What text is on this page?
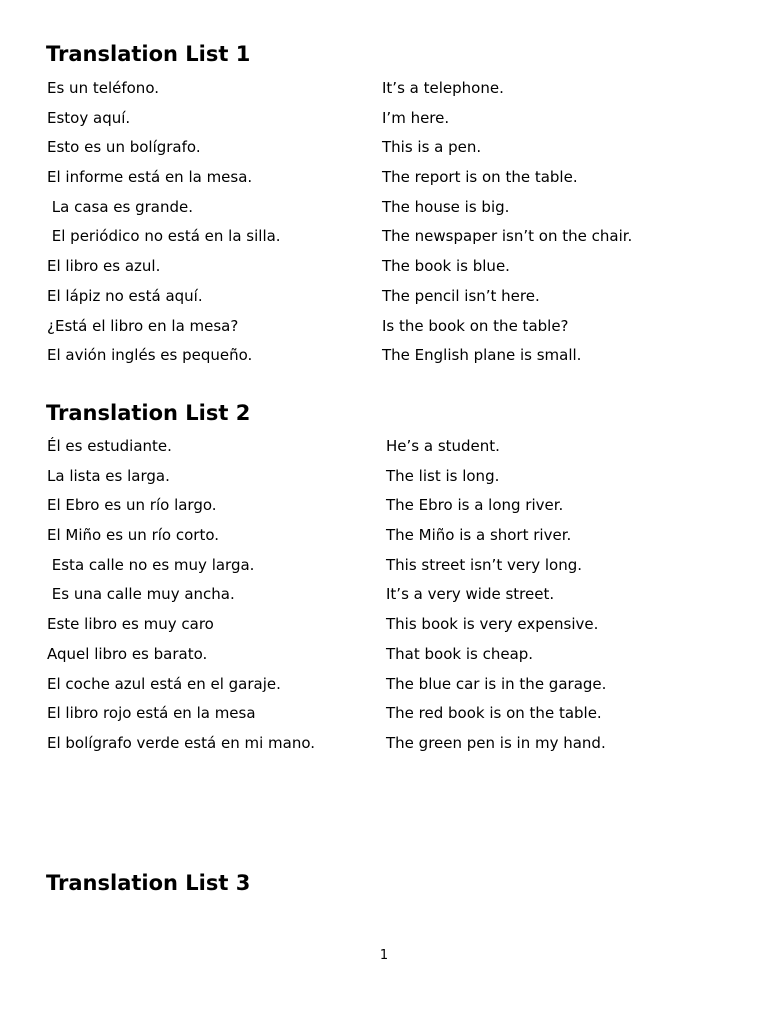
Translation List 1
Es un teléfono.	It’s a telephone.
Estoy aquí.	I’m here.
Esto es un bolígrafo.	This is a pen.
El informe está en la mesa.	The report is on the table.
La casa es grande.	The house is big.
El periódico no está en la silla.	The newspaper isn’t on the chair.
El libro es azul.	The book is blue.
El lápiz no está aquí.	The pencil isn’t here.
¿Está el libro en la mesa?	Is the book on the table?
El avión inglés es pequeño.	The English plane is small.
Translation List 2
Él es estudiante.	He’s a student.
La lista es larga.	The list is long.
El Ebro es un río largo.	The Ebro is a long river.
El Miño es un río corto.	The Miño is a short river.
Esta calle no es muy larga.	This street isn’t very long.
Es una calle muy ancha.	It’s a very wide street.
Este libro es muy caro	This book is very expensive.
Aquel libro es barato.	That book is cheap.
El coche azul está en el garaje.	The blue car is in the garage.
El libro rojo está en la mesa	The red book is on the table.
El bolígrafo verde está en mi mano.	The green pen is in my hand.
Translation List 3
1
